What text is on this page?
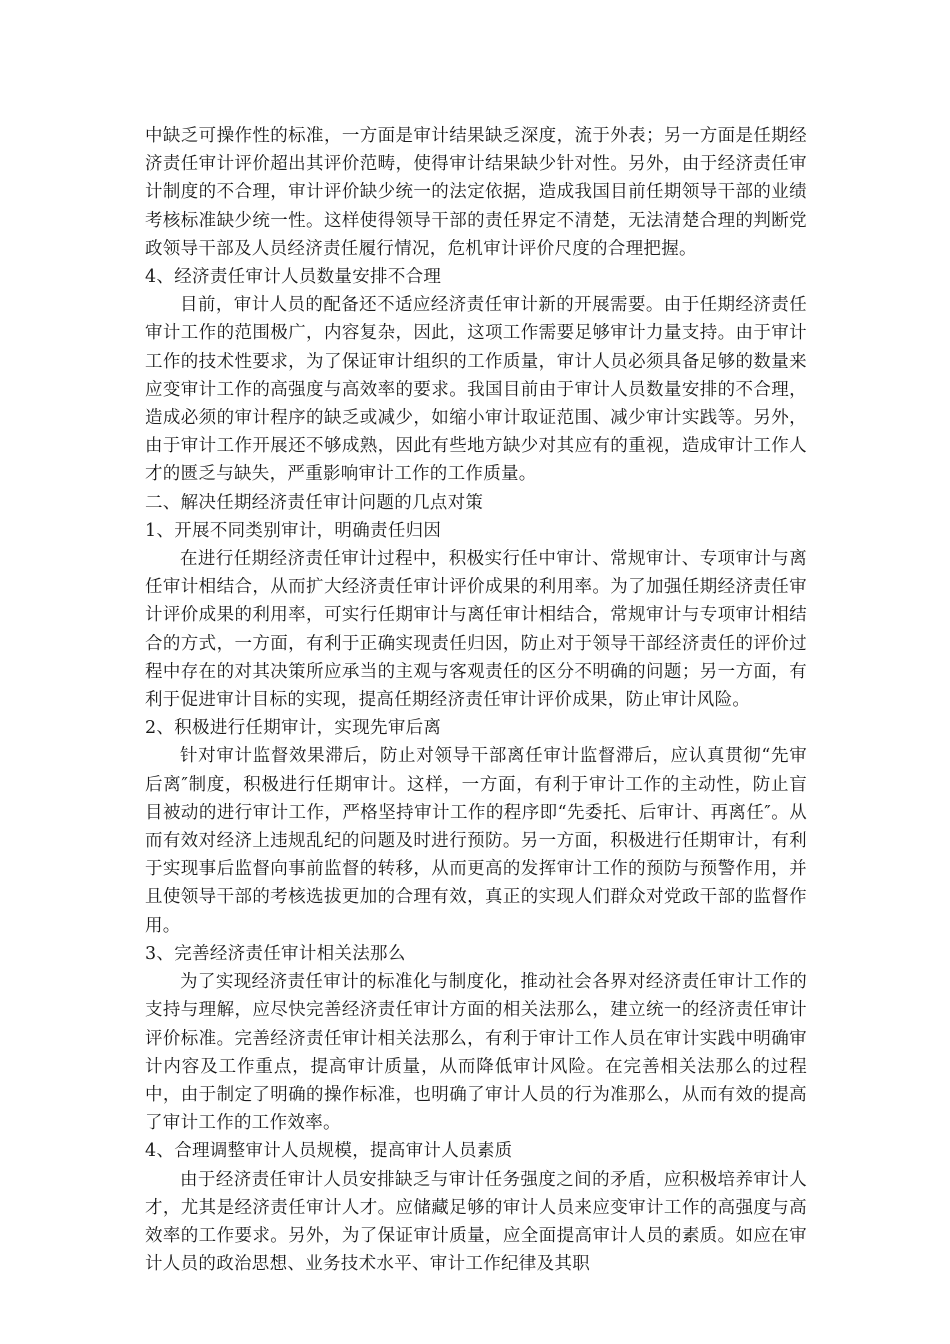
中缺乏可操作性的标准，一方面是审计结果缺乏深度，流于外表；另一方面是任期经济责任审计评价超出其评价范畴，使得审计结果缺少针对性。另外，由于经济责任审计制度的不合理，审计评价缺少统一的法定依据，造成我国目前任期领导干部的业绩考核标准缺少统一性。这样使得领导干部的责任界定不清楚，无法清楚合理的判断党政领导干部及人员经济责任履行情况，危机审计评价尺度的合理把握。

4、经济责任审计人员数量安排不合理

目前，审计人员的配备还不适应经济责任审计新的开展需要。由于任期经济责任审计工作的范围极广，内容复杂，因此，这项工作需要足够审计力量支持。由于审计工作的技术性要求，为了保证审计组织的工作质量，审计人员必须具备足够的数量来应变审计工作的高强度与高效率的要求。我国目前由于审计人员数量安排的不合理，造成必须的审计程序的缺乏或减少，如缩小审计取证范围、减少审计实践等。另外，由于审计工作开展还不够成熟，因此有些地方缺少对其应有的重视，造成审计工作人才的匮乏与缺失，严重影响审计工作的工作质量。

二、解决任期经济责任审计问题的几点对策

1、开展不同类别审计，明确责任归因

在进行任期经济责任审计过程中，积极实行任中审计、常规审计、专项审计与离任审计相结合，从而扩大经济责任审计评价成果的利用率。为了加强任期经济责任审计评价成果的利用率，可实行任期审计与离任审计相结合，常规审计与专项审计相结合的方式，一方面，有利于正确实现责任归因，防止对于领导干部经济责任的评价过程中存在的对其决策所应承当的主观与客观责任的区分不明确的问题；另一方面，有利于促进审计目标的实现，提高任期经济责任审计评价成果，防止审计风险。

2、积极进行任期审计，实现先审后离

针对审计监督效果滞后，防止对领导干部离任审计监督滞后，应认真贯彻“先审后离″制度，积极进行任期审计。这样，一方面，有利于审计工作的主动性，防止盲目被动的进行审计工作，严格坚持审计工作的程序即“先委托、后审计、再离任″。从而有效对经济上违规乱纪的问题及时进行预防。另一方面，积极进行任期审计，有利于实现事后监督向事前监督的转移，从而更高的发挥审计工作的预防与预警作用，并且使领导干部的考核选拔更加的合理有效，真正的实现人们群众对党政干部的监督作用。

3、完善经济责任审计相关法那么

为了实现经济责任审计的标准化与制度化，推动社会各界对经济责任审计工作的支持与理解，应尽快完善经济责任审计方面的相关法那么，建立统一的经济责任审计评价标准。完善经济责任审计相关法那么，有利于审计工作人员在审计实践中明确审计内容及工作重点，提高审计质量，从而降低审计风险。在完善相关法那么的过程中，由于制定了明确的操作标准，也明确了审计人员的行为准那么，从而有效的提高了审计工作的工作效率。

4、合理调整审计人员规模，提高审计人员素质

由于经济责任审计人员安排缺乏与审计任务强度之间的矛盾，应积极培养审计人才，尤其是经济责任审计人才。应储藏足够的审计人员来应变审计工作的高强度与高效率的工作要求。另外，为了保证审计质量，应全面提高审计人员的素质。如应在审计人员的政治思想、业务技术水平、审计工作纪律及其职
